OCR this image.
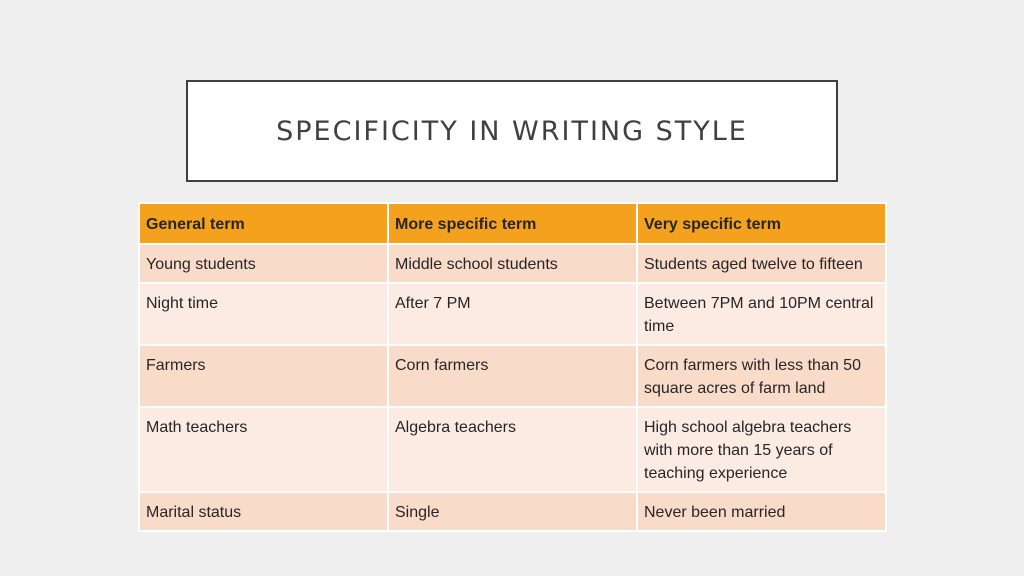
SPECIFICITY IN WRITING STYLE
General term	More specific term	Very specific term
Young students	Middle school students	Students aged twelve to fifteen
Night time	After 7 PM	Between 7PM and 10PM central time
Farmers	Corn farmers	Corn farmers with less than 50 square acres of farm land
Math teachers	Algebra teachers	High school algebra teachers with more than 15 years of teaching experience
Marital status	Single	Never been married
